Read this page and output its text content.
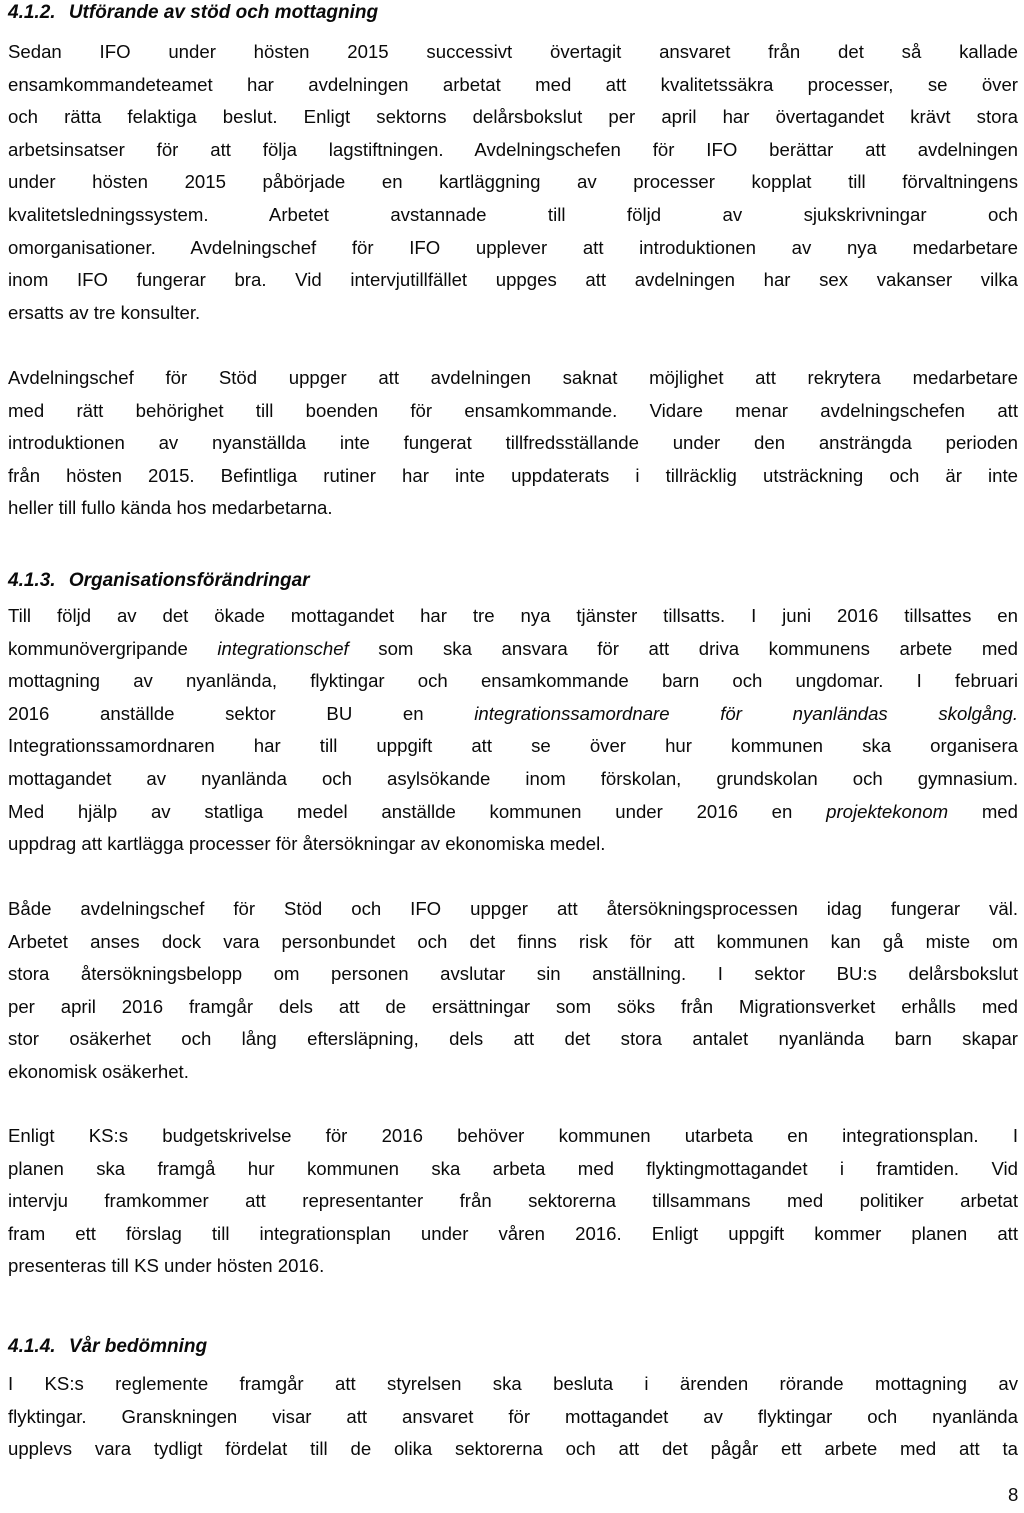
4.1.2. Utförande av stöd och mottagning

Sedan IFO under hösten 2015 successivt övertagit ansvaret från det så kallade
ensamkommandeteamet har avdelningen arbetat med att kvalitetssäkra processer, se över
och rätta felaktiga beslut. Enligt sektorns delårsbokslut per april har övertagandet krävt stora
arbetsinsatser för att följa lagstiftningen. Avdelningschefen för IFO berättar att avdelningen
under hösten 2015 påbörjade en kartläggning av processer kopplat till förvaltningens
kvalitetsledningssystem. Arbetet avstannade till följd av sjukskrivningar och
omorganisationer. Avdelningschef för IFO upplever att introduktionen av nya medarbetare
inom IFO fungerar bra. Vid intervjutillfället uppges att avdelningen har sex vakanser vilka
ersatts av tre konsulter.

Avdelningschef för Stöd uppger att avdelningen saknat möjlighet att rekrytera medarbetare
med rätt behörighet till boenden för ensamkommande. Vidare menar avdelningschefen att
introduktionen av nyanställda inte fungerat tillfredsställande under den ansträngda perioden
från hösten 2015. Befintliga rutiner har inte uppdaterats i tillräcklig utsträckning och är inte
heller till fullo kända hos medarbetarna.

4.1.3. Organisationsförändringar

Till följd av det ökade mottagandet har tre nya tjänster tillsatts. I juni 2016 tillsattes en
kommunövergripande integrationschef som ska ansvara för att driva kommunens arbete med
mottagning av nyanlända, flyktingar och ensamkommande barn och ungdomar. I februari
2016 anställde sektor BU en integrationssamordnare för nyanländas skolgång.
Integrationssamordnaren har till uppgift att se över hur kommunen ska organisera
mottagandet av nyanlända och asylsökande inom förskolan, grundskolan och gymnasium.
Med hjälp av statliga medel anställde kommunen under 2016 en projektekonom med
uppdrag att kartlägga processer för återsökningar av ekonomiska medel.

Både avdelningschef för Stöd och IFO uppger att återsökningsprocessen idag fungerar väl.
Arbetet anses dock vara personbundet och det finns risk för att kommunen kan gå miste om
stora återsökningsbelopp om personen avslutar sin anställning. I sektor BU:s delårsbokslut
per april 2016 framgår dels att de ersättningar som söks från Migrationsverket erhålls med
stor osäkerhet och lång eftersläpning, dels att det stora antalet nyanlända barn skapar
ekonomisk osäkerhet.

Enligt KS:s budgetskrivelse för 2016 behöver kommunen utarbeta en integrationsplan. I
planen ska framgå hur kommunen ska arbeta med flyktingmottagandet i framtiden. Vid
intervju framkommer att representanter från sektorerna tillsammans med politiker arbetat
fram ett förslag till integrationsplan under våren 2016. Enligt uppgift kommer planen att
presenteras till KS under hösten 2016.

4.1.4. Vår bedömning

I KS:s reglemente framgår att styrelsen ska besluta i ärenden rörande mottagning av
flyktingar. Granskningen visar att ansvaret för mottagandet av flyktingar och nyanlända
upplevs vara tydligt fördelat till de olika sektorerna och att det pågår ett arbete med att ta

8
